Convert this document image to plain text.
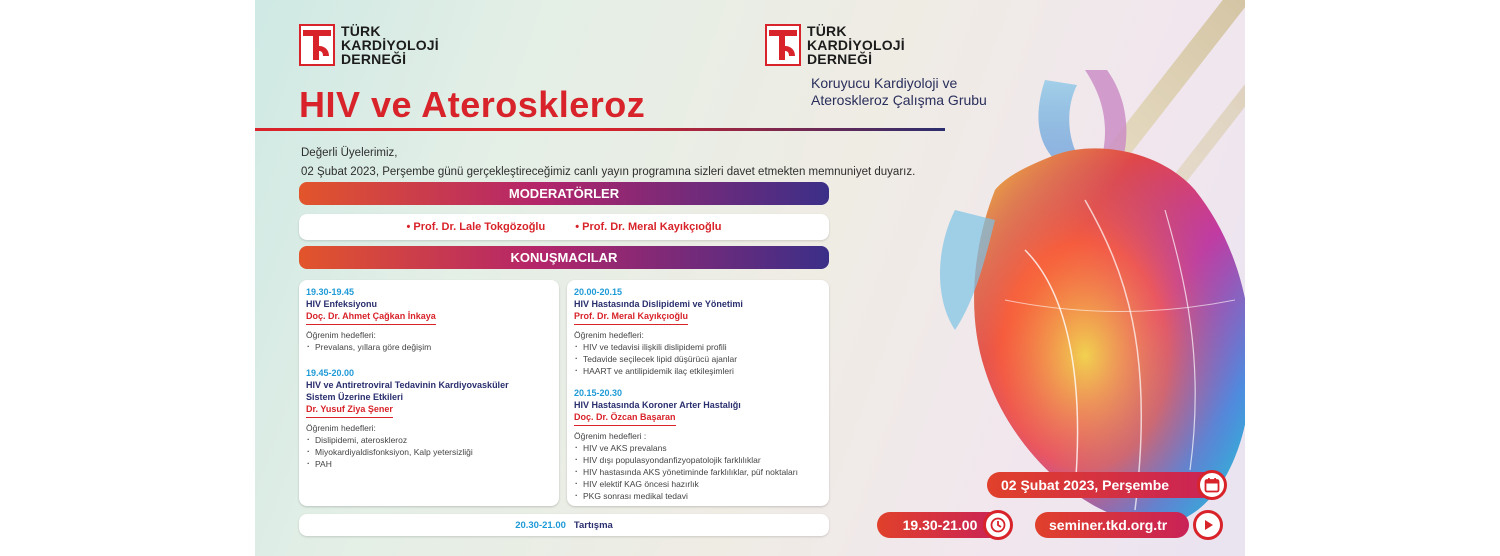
TÜRK
KARDİYOLOJİ
DERNEĞİ
TÜRK
KARDİYOLOJİ
DERNEĞİ
Koruyucu Kardiyoloji ve
Ateroskleroz Çalışma Grubu
HIV ve Ateroskleroz
Değerli Üyelerimiz,
02 Şubat 2023, Perşembe günü gerçekleştireceğimiz canlı yayın programına sizleri davet etmekten memnuniyet duyarız.
MODERATÖRLER
• Prof. Dr. Lale Tokgözoğlu	• Prof. Dr. Meral Kayıkçıoğlu
KONUŞMACILAR
19.30-19.45
HIV Enfeksiyonu
Doç. Dr. Ahmet Çağkan İnkaya
Öğrenim hedefleri:
· Prevalans, yıllara göre değişim
19.45-20.00
HIV ve Antiretroviral Tedavinin Kardiyovasküler
Sistem Üzerine Etkileri
Dr. Yusuf Ziya Şener
Öğrenim hedefleri:
· Dislipidemi, ateroskleroz
· Miyokardiyaldisfonksiyon, Kalp yetersizliği
· PAH
20.00-20.15
HIV Hastasında Dislipidemi ve Yönetimi
Prof. Dr. Meral Kayıkçıoğlu
Öğrenim hedefleri:
· HIV ve tedavisi ilişkili dislipidemi profili
· Tedavide seçilecek lipid düşürücü ajanlar
· HAART ve antilipidemik ilaç etkileşimleri
20.15-20.30
HIV Hastasında Koroner Arter Hastalığı
Doç. Dr. Özcan Başaran
Öğrenim hedefleri :
· HIV ve AKS prevalans
· HIV dışı populasyondanfizyopatolojik farklılıklar
· HIV hastasında AKS yönetiminde farklılıklar, püf noktaları
· HIV elektif KAG öncesi hazırlık
· PKG sonrası medikal tedavi
20.30-21.00 Tartışma
02 Şubat 2023, Perşembe
19.30-21.00	seminer.tkd.org.tr
